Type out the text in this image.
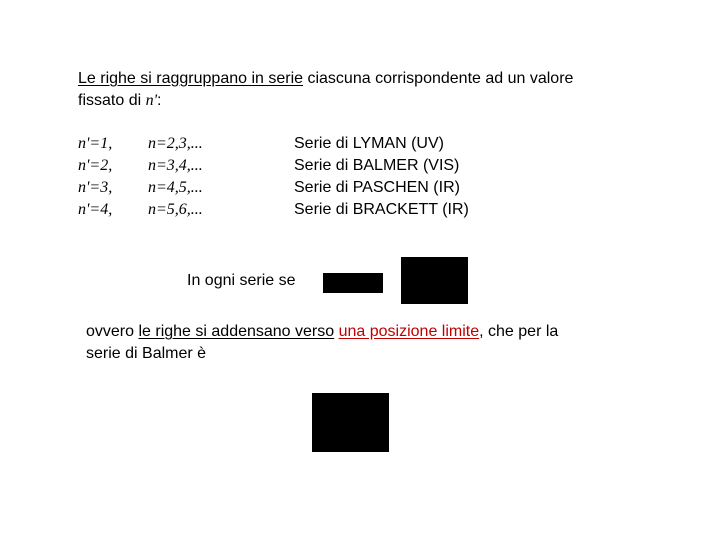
Le righe si raggruppano in serie ciascuna corrispondente ad un valore
fissato di n':
n'=1,
n'=2,
n'=3,
n'=4,
n=2,3,...
n=3,4,...
n=4,5,...
n=5,6,...
Serie di LYMAN (UV)
Serie di BALMER (VIS)
Serie di PASCHEN (IR)
Serie di BRACKETT (IR)
In ogni serie se
ovvero le righe si addensano verso una posizione limite, che per la
serie di Balmer è
